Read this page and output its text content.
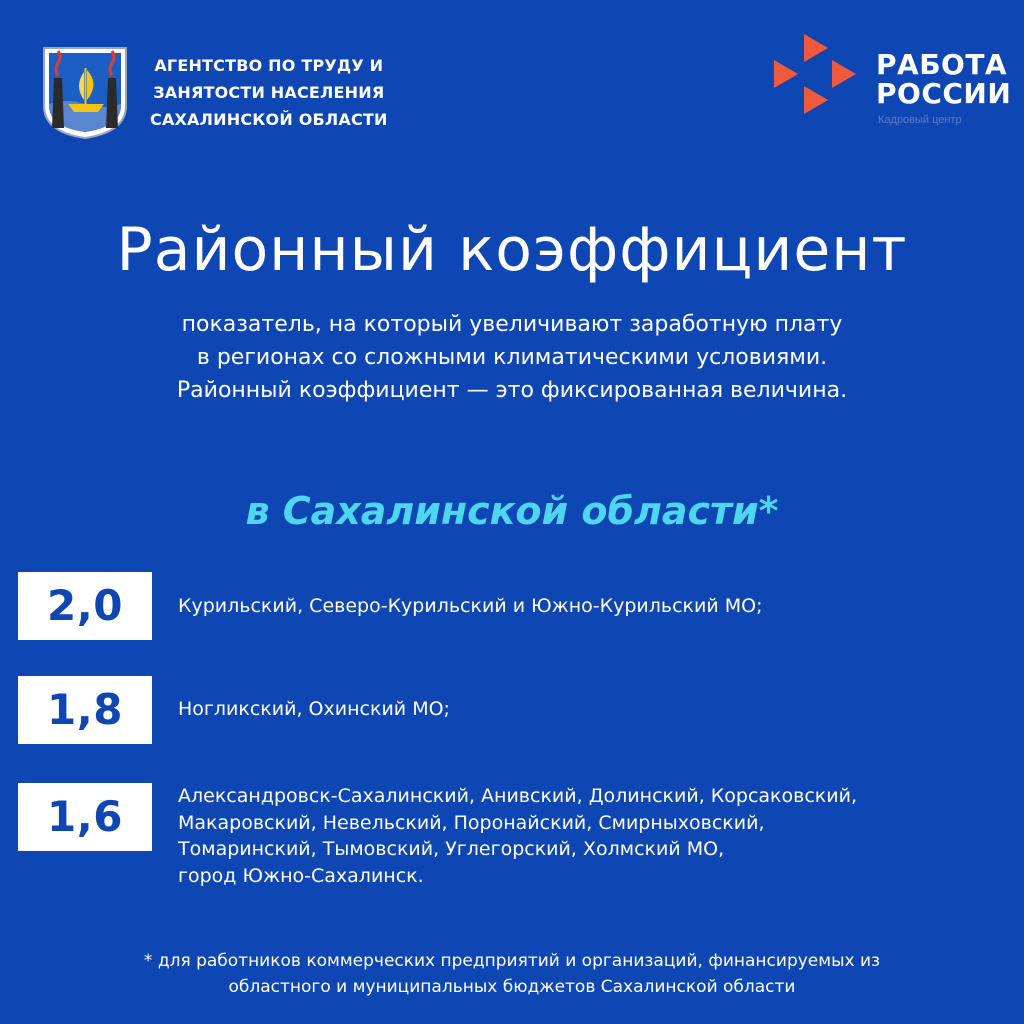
АГЕНТСТВО ПО ТРУДУ И
ЗАНЯТОСТИ НАСЕЛЕНИЯ
САХАЛИНСКОЙ ОБЛАСТИ
РАБОТА
РОССИИ
Кадровый центр
Районный коэффициент
показатель, на который увеличивают заработную плату
в регионах со сложными климатическими условиями.
Районный коэффициент — это фиксированная величина.
в Сахалинской области*
2,0	Курильский, Северо-Курильский и Южно-Курильский МО;
1,8	Ногликский, Охинский МО;
1,6	Александровск-Сахалинский, Анивский, Долинский, Корсаковский,
Макаровский, Невельский, Поронайский, Смирныховский,
Томаринский, Тымовский, Углегорский, Холмский МО,
город Южно-Сахалинск.
* для работников коммерческих предприятий и организаций, финансируемых из
областного и муниципальных бюджетов Сахалинской области
